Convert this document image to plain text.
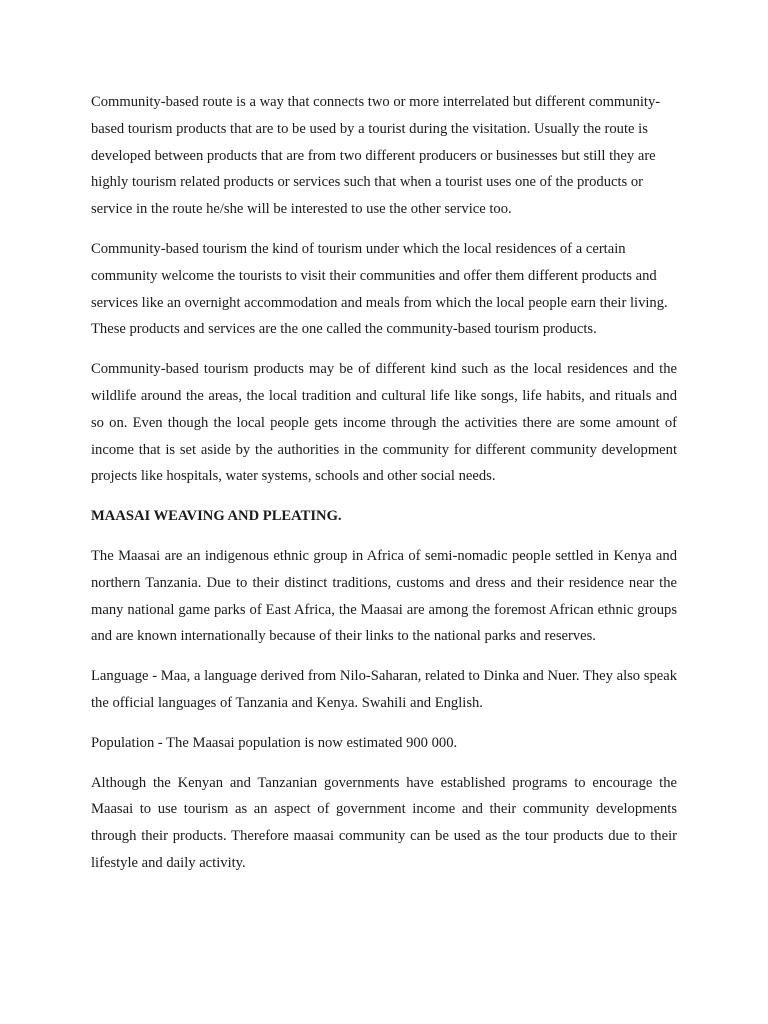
Community-based route is a way that connects two or more interrelated but different community-based tourism products that are to be used by a tourist during the visitation. Usually the route is developed between products that are from two different producers or businesses but still they are highly tourism related products or services such that when a tourist uses one of the products or service in the route he/she will be interested to use the other service too.

Community-based tourism the kind of tourism under which the local residences of a certain community welcome the tourists to visit their communities and offer them different products and services like an overnight accommodation and meals from which the local people earn their living. These products and services are the one called the community-based tourism products.

Community-based tourism products may be of different kind such as the local residences and the wildlife around the areas, the local tradition and cultural life like songs, life habits, and rituals and so on. Even though the local people gets income through the activities there are some amount of income that is set aside by the authorities in the community for different community development projects like hospitals, water systems, schools and other social needs.

MAASAI WEAVING AND PLEATING.

The Maasai are an indigenous ethnic group in Africa of semi-nomadic people settled in Kenya and northern Tanzania. Due to their distinct traditions, customs and dress and their residence near the many national game parks of East Africa, the Maasai are among the foremost African ethnic groups and are known internationally because of their links to the national parks and reserves.

Language - Maa, a language derived from Nilo-Saharan, related to Dinka and Nuer. They also speak the official languages of Tanzania and Kenya. Swahili and English.

Population - The Maasai population is now estimated 900 000.

Although the Kenyan and Tanzanian governments have established programs to encourage the Maasai to use tourism as an aspect of government income and their community developments through their products. Therefore maasai community can be used as the tour products due to their lifestyle and daily activity.
